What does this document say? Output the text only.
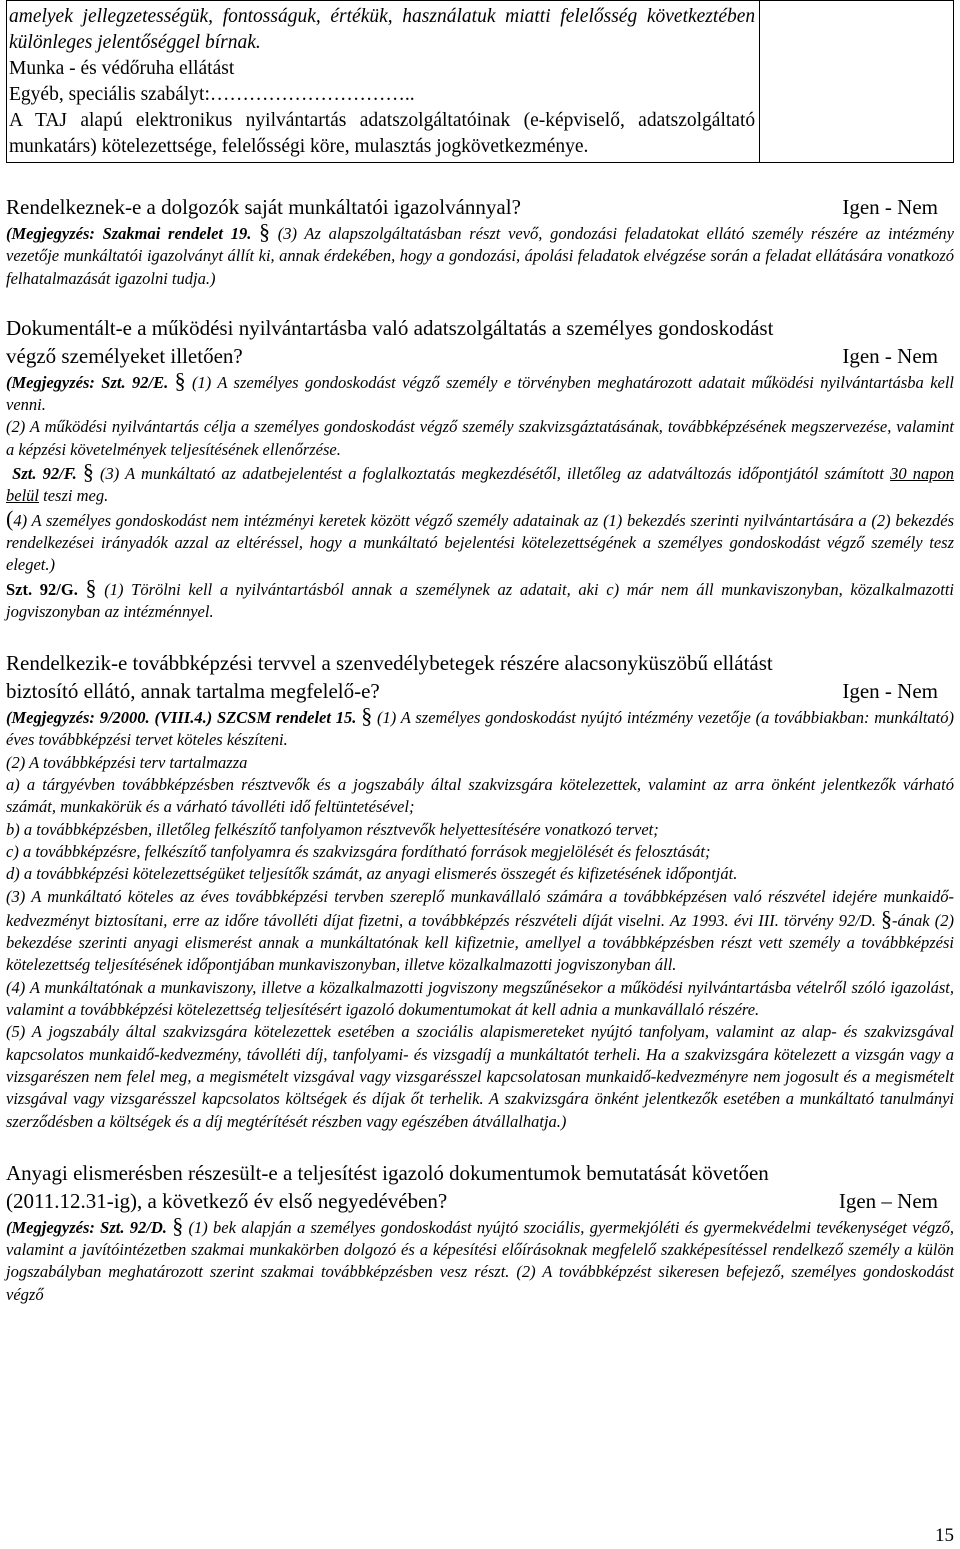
amelyek jellegzetességük, fontosságuk, értékük, használatuk miatti felelősség következtében különleges jelentőséggel bírnak.
Munka - és védőruha ellátást
Egyéb, speciális szabályt:…………………………..
A TAJ alapú elektronikus nyilvántartás adatszolgáltatóinak (e-képviselő, adatszolgáltató munkatárs) kötelezettsége, felelősségi köre, mulasztás jogkövetkezménye.

Rendelkeznek-e a dolgozók saját munkáltatói igazolvánnyal?	Igen - Nem
(Megjegyzés: Szakmai rendelet 19. § (3) Az alapszolgáltatásban részt vevő, gondozási feladatokat ellátó személy részére az intézmény vezetője munkáltatói igazolványt állít ki, annak érdekében, hogy a gondozási, ápolási feladatok elvégzése során a feladat ellátására vonatkozó felhatalmazását igazolni tudja.)
Dokumentált-e a működési nyilvántartásba való adatszolgáltatás a személyes gondoskodást
végző személyeket illetően?	Igen - Nem
(Megjegyzés: Szt. 92/E. § (1) A személyes gondoskodást végző személy e törvényben meghatározott adatait működési nyilvántartásba kell venni.
(2) A működési nyilvántartás célja a személyes gondoskodást végző személy szakvizsgáztatásának, továbbképzésének megszervezése, valamint a képzési követelmények teljesítésének ellenőrzése.
Szt. 92/F. § (3) A munkáltató az adatbejelentést a foglalkoztatás megkezdésétől, illetőleg az adatváltozás időpontjától számított 30 napon belül teszi meg.
(4) A személyes gondoskodást nem intézményi keretek között végző személy adatainak az (1) bekezdés szerinti nyilvántartására a (2) bekezdés rendelkezései irányadók azzal az eltéréssel, hogy a munkáltató bejelentési kötelezettségének a személyes gondoskodást végző személy tesz eleget.)
Szt. 92/G. § (1) Törölni kell a nyilvántartásból annak a személynek az adatait, aki c) már nem áll munkaviszonyban, közalkalmazotti jogviszonyban az intézménnyel.
Rendelkezik-e továbbképzési tervvel a szenvedélybetegek részére alacsonyküszöbű ellátást
biztosító ellátó, annak tartalma megfelelő-e?	Igen - Nem
(Megjegyzés: 9/2000. (VIII.4.) SZCSM rendelet 15. § (1) A személyes gondoskodást nyújtó intézmény vezetője (a továbbiakban: munkáltató) éves továbbképzési tervet köteles készíteni.
(2) A továbbképzési terv tartalmazza
a) a tárgyévben továbbképzésben résztvevők és a jogszabály által szakvizsgára kötelezettek, valamint az arra önként jelentkezők várható számát, munkakörük és a várható távolléti idő feltüntetésével;
b) a továbbképzésben, illetőleg felkészítő tanfolyamon résztvevők helyettesítésére vonatkozó tervet;
c) a továbbképzésre, felkészítő tanfolyamra és szakvizsgára fordítható források megjelölését és felosztását;
d) a továbbképzési kötelezettségüket teljesítők számát, az anyagi elismerés összegét és kifizetésének időpontját.
(3) A munkáltató köteles az éves továbbképzési tervben szereplő munkavállaló számára a továbbképzésen való részvétel idejére munkaidő-kedvezményt biztosítani, erre az időre távolléti díjat fizetni, a továbbképzés részvételi díját viselni. Az 1993. évi III. törvény 92/D. §-ának (2) bekezdése szerinti anyagi elismerést annak a munkáltatónak kell kifizetnie, amellyel a továbbképzésben részt vett személy a továbbképzési kötelezettség teljesítésének időpontjában munkaviszonyban, illetve közalkalmazotti jogviszonyban áll.
(4) A munkáltatónak a munkaviszony, illetve a közalkalmazotti jogviszony megszűnésekor a működési nyilvántartásba vételről szóló igazolást, valamint a továbbképzési kötelezettség teljesítésért igazoló dokumentumokat át kell adnia a munkavállaló részére.
(5) A jogszabály által szakvizsgára kötelezettek esetében a szociális alapismereteket nyújtó tanfolyam, valamint az alap- és szakvizsgával kapcsolatos munkaidő-kedvezmény, távolléti díj, tanfolyami- és vizsgadíj a munkáltatót terheli. Ha a szakvizsgára kötelezett a vizsgán vagy a vizsgarészen nem felel meg, a megismételt vizsgával vagy vizsgarésszel kapcsolatosan munkaidő-kedvezményre nem jogosult és a megismételt vizsgával vagy vizsgarésszel kapcsolatos költségek és díjak őt terhelik. A szakvizsgára önként jelentkezők esetében a munkáltató tanulmányi szerződésben a költségek és a díj megtérítését részben vagy egészében átvállalhatja.)
Anyagi elismerésben részesült-e a teljesítést igazoló dokumentumok bemutatását követően
(2011.12.31-ig), a következő év első negyedévében?	Igen – Nem
(Megjegyzés: Szt. 92/D. § (1) bek alapján a személyes gondoskodást nyújtó szociális, gyermekjóléti és gyermekvédelmi tevékenységet végző, valamint a javítóintézetben szakmai munkakörben dolgozó és a képesítési előírásoknak megfelelő szakképesítéssel rendelkező személy a külön jogszabályban meghatározott szerint szakmai továbbképzésben vesz részt. (2) A továbbképzést sikeresen befejező, személyes gondoskodást végző
15
